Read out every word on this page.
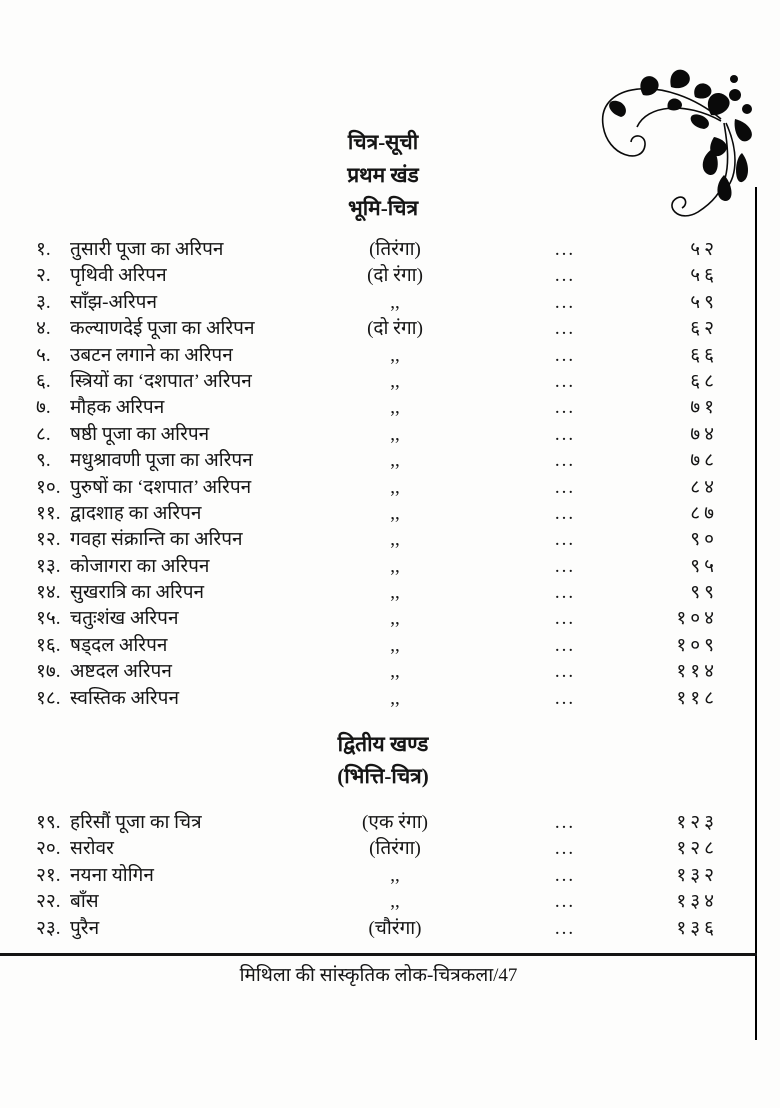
चित्र-सूची
प्रथम खंड
भूमि-चित्र
१.	तुसारी पूजा का अरिपन	(तिरंगा)	...	५२
२.	पृथिवी अरिपन	(दो रंगा)	...	५६
३.	साँझ-अरिपन	,,	...	५९
४.	कल्याणदेई पूजा का अरिपन	(दो रंगा)	...	६२
५.	उबटन लगाने का अरिपन	,,	...	६६
६.	स्त्रियों का ‘दशपात’ अरिपन	,,	...	६८
७.	मौहक अरिपन	,,	...	७१
८.	षष्ठी पूजा का अरिपन	,,	...	७४
९.	मधुश्रावणी पूजा का अरिपन	,,	...	७८
१०. पुरुषों का ‘दशपात’ अरिपन	,,	...	८४
११. द्वादशाह का अरिपन	,,	...	८७
१२. गवहा संक्रान्ति का अरिपन	,,	...	९०
१३. कोजागरा का अरिपन	,,	...	९५
१४. सुखरात्रि का अरिपन	,,	...	९९
१५. चतुःशंख अरिपन	,,	...	१०४
१६. षड्दल अरिपन	,,	...	१०९
१७. अष्टदल अरिपन	,,	...	११४
१८. स्वस्तिक अरिपन	,,	...	११८
द्वितीय खण्ड
(भित्ति-चित्र)
१९. हरिसौं पूजा का चित्र	(एक रंगा)	...	१२३
२०. सरोवर	(तिरंगा)	...	१२८
२१. नयना योगिन	,,	...	१३२
२२. बाँस	,,	...	१३४
२३. पुरैन	(चौरंगा)	...	१३६
मिथिला की सांस्कृतिक लोक-चित्रकला/47
